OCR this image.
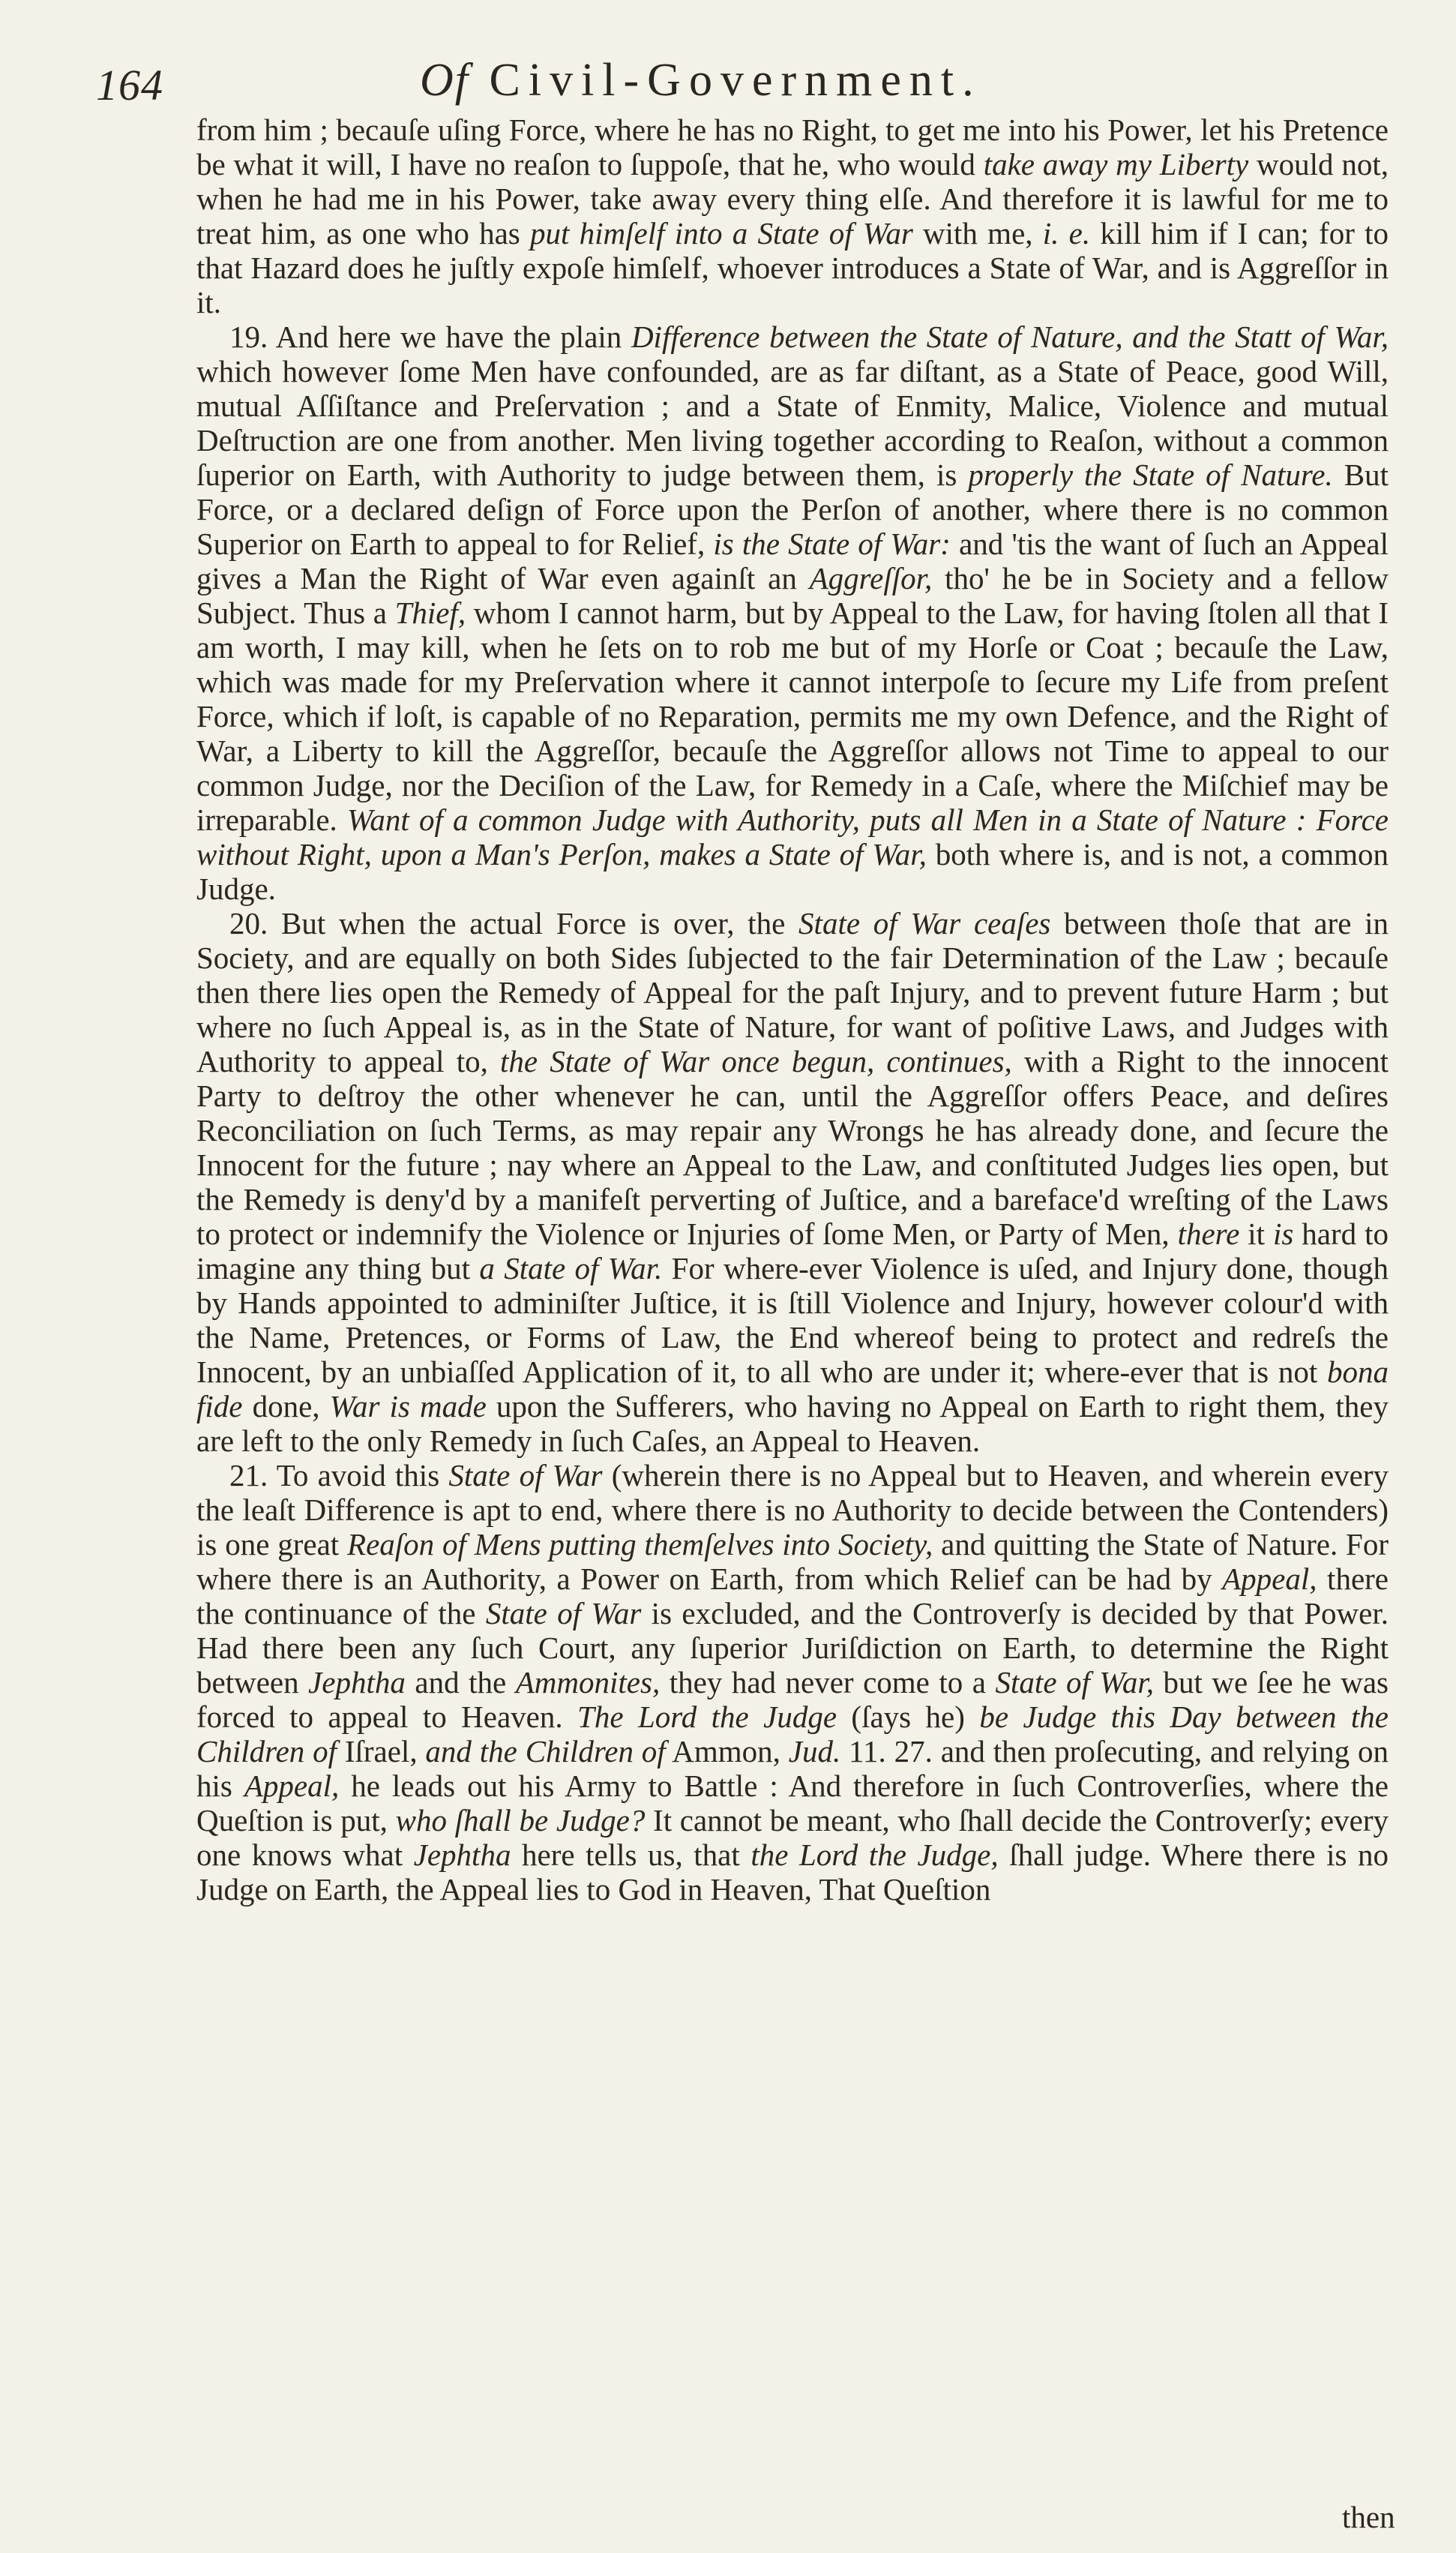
164	Of Civil-Government.

from him ; becauſe uſing Force, where he has no Right, to get me into his Power, let his Pretence be what it will, I have no reaſon to ſuppoſe, that he, who would take away my Liberty would not, when he had me in his Power, take away every thing elſe. And therefore it is lawful for me to treat him, as one who has put himſelf into a State of War with me, i. e. kill him if I can; for to that Hazard does he juſtly expoſe himſelf, whoever introduces a State of War, and is Aggreſſor in it.

19. And here we have the plain Difference between the State of Nature, and the Statt of War, which however ſome Men have confounded, are as far diſtant, as a State of Peace, good Will, mutual Aſſiſtance and Preſervation ; and a State of Enmity, Malice, Violence and mutual Deſtruction are one from another. Men living together according to Reaſon, without a common ſuperior on Earth, with Authority to judge between them, is properly the State of Nature. But Force, or a declared deſign of Force upon the Perſon of another, where there is no common Superior on Earth to appeal to for Relief, is the State of War: and 'tis the want of ſuch an Appeal gives a Man the Right of War even againſt an Aggreſſor, tho' he be in Society and a fellow Subject. Thus a Thief, whom I cannot harm, but by Appeal to the Law, for having ſtolen all that I am worth, I may kill, when he ſets on to rob me but of my Horſe or Coat ; becauſe the Law, which was made for my Preſervation where it cannot interpoſe to ſecure my Life from preſent Force, which if loſt, is capable of no Reparation, permits me my own Defence, and the Right of War, a Liberty to kill the Aggreſſor, becauſe the Aggreſſor allows not Time to appeal to our common Judge, nor the Deciſion of the Law, for Remedy in a Caſe, where the Miſchief may be irreparable. Want of a common Judge with Authority, puts all Men in a State of Nature : Force without Right, upon a Man's Perſon, makes a State of War, both where is, and is not, a common Judge.

20. But when the actual Force is over, the State of War ceaſes between thoſe that are in Society, and are equally on both Sides ſubjected to the fair Determination of the Law ; becauſe then there lies open the Remedy of Appeal for the paſt Injury, and to prevent future Harm ; but where no ſuch Appeal is, as in the State of Nature, for want of poſitive Laws, and Judges with Authority to appeal to, the State of War once begun, continues, with a Right to the innocent Party to deſtroy the other whenever he can, until the Aggreſſor offers Peace, and deſires Reconciliation on ſuch Terms, as may repair any Wrongs he has already done, and ſecure the Innocent for the future ; nay where an Appeal to the Law, and conſtituted Judges lies open, but the Remedy is deny'd by a manifeſt perverting of Juſtice, and a bareface'd wreſting of the Laws to protect or indemnify the Violence or Injuries of ſome Men, or Party of Men, there it is hard to imagine any thing but a State of War. For where-ever Violence is uſed, and Injury done, though by Hands appointed to adminiſter Juſtice, it is ſtill Violence and Injury, however colour'd with the Name, Pretences, or Forms of Law, the End whereof being to protect and redreſs the Innocent, by an unbiaſſed Application of it, to all who are under it; where-ever that is not bona fide done, War is made upon the Sufferers, who having no Appeal on Earth to right them, they are left to the only Remedy in ſuch Caſes, an Appeal to Heaven.

21. To avoid this State of War (wherein there is no Appeal but to Heaven, and wherein every the leaſt Difference is apt to end, where there is no Authority to decide between the Contenders) is one great Reaſon of Mens putting themſelves into Society, and quitting the State of Nature. For where there is an Authority, a Power on Earth, from which Relief can be had by Appeal, there the continuance of the State of War is excluded, and the Controverſy is decided by that Power. Had there been any ſuch Court, any ſuperior Juriſdiction on Earth, to determine the Right between Jephtha and the Ammonites, they had never come to a State of War, but we ſee he was forced to appeal to Heaven. The Lord the Judge (ſays he) be Judge this Day between the Children of Iſrael, and the Children of Ammon, Jud. 11. 27. and then proſecuting, and relying on his Appeal, he leads out his Army to Battle : And therefore in ſuch Controverſies, where the Queſtion is put, who ſhall be Judge? It cannot be meant, who ſhall decide the Controverſy; every one knows what Jephtha here tells us, that the Lord the Judge, ſhall judge. Where there is no Judge on Earth, the Appeal lies to God in Heaven, That Queſtion

then
